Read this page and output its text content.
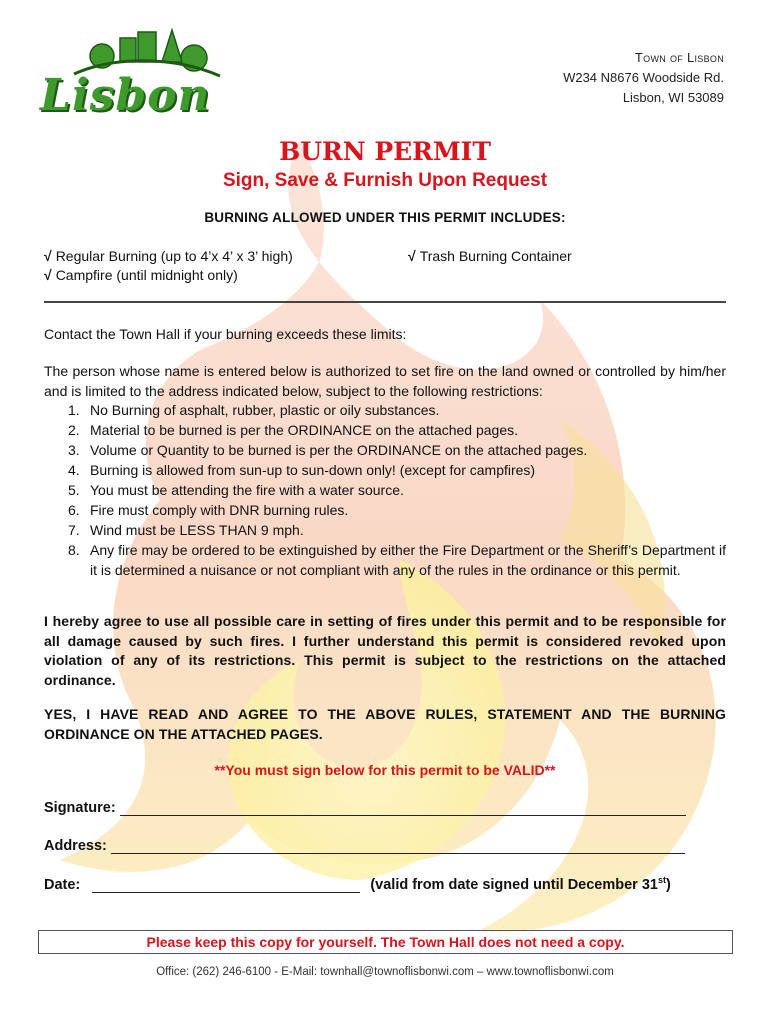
Lisbon
Town of Lisbon
W234 N8676 Woodside Rd.
Lisbon, WI 53089
BURN PERMIT
Sign, Save & Furnish Upon Request
BURNING ALLOWED UNDER THIS PERMIT INCLUDES:
√ Regular Burning (up to 4’x 4’ x 3’ high)
√ Campfire (until midnight only)
√ Trash Burning Container
Contact the Town Hall if your burning exceeds these limits:
The person whose name is entered below is authorized to set fire on the land owned or controlled by him/her and is limited to the address indicated below, subject to the following restrictions:
1. No Burning of asphalt, rubber, plastic or oily substances.
2. Material to be burned is per the ORDINANCE on the attached pages.
3. Volume or Quantity to be burned is per the ORDINANCE on the attached pages.
4. Burning is allowed from sun-up to sun-down only! (except for campfires)
5. You must be attending the fire with a water source.
6. Fire must comply with DNR burning rules.
7. Wind must be LESS THAN 9 mph.
8. Any fire may be ordered to be extinguished by either the Fire Department or the Sheriff’s Department if it is determined a nuisance or not compliant with any of the rules in the ordinance or this permit.
I hereby agree to use all possible care in setting of fires under this permit and to be responsible for all damage caused by such fires. I further understand this permit is considered revoked upon violation of any of its restrictions. This permit is subject to the restrictions on the attached ordinance.
YES, I HAVE READ AND AGREE TO THE ABOVE RULES, STATEMENT AND THE BURNING ORDINANCE ON THE ATTACHED PAGES.
**You must sign below for this permit to be VALID**
Signature:
Address:
Date:	(valid from date signed until December 31st)
Please keep this copy for yourself. The Town Hall does not need a copy.
Office: (262) 246-6100 - E-Mail: townhall@townoflisbonwi.com – www.townoflisbonwi.com
